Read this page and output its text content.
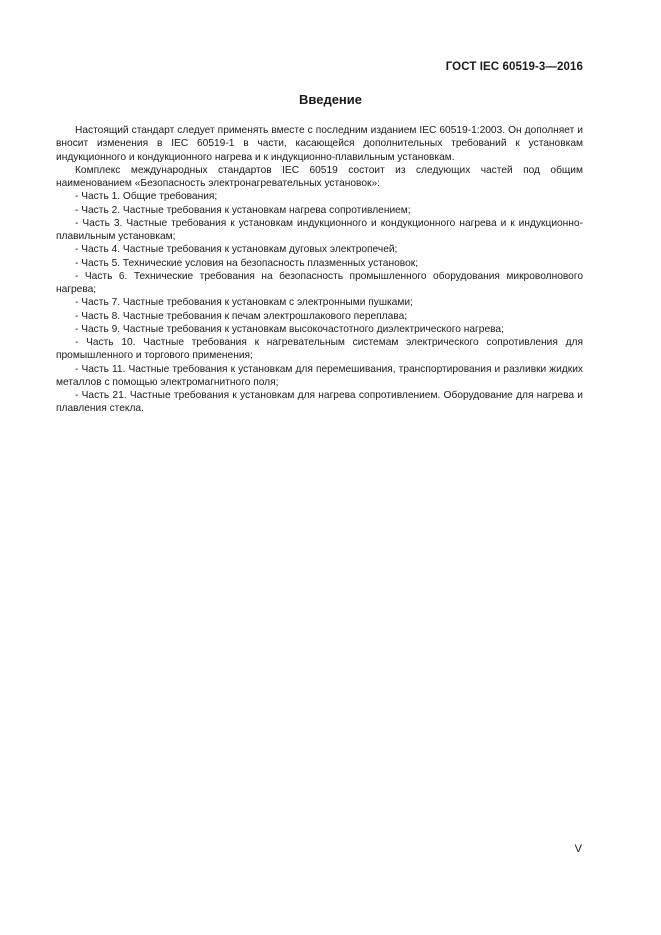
ГОСТ IEC 60519-3—2016
Введение

Настоящий стандарт следует применять вместе с последним изданием IEC 60519-1:2003. Он дополняет и вносит изменения в IEC 60519-1 в части, касающейся дополнительных требований к установкам индукционного и кондукционного нагрева и к индукционно-плавильным установкам.

Комплекс международных стандартов IEC 60519 состоит из следующих частей под общим наименованием «Безопасность электронагревательных установок»:

- Часть 1. Общие требования;

- Часть 2. Частные требования к установкам нагрева сопротивлением;

- Часть 3. Частные требования к установкам индукционного и кондукционного нагрева и к индукционно-плавильным установкам;

- Часть 4. Частные требования к установкам дуговых электропечей;

- Часть 5. Технические условия на безопасность плазменных установок;

- Часть 6. Технические требования на безопасность промышленного оборудования микроволнового нагрева;

- Часть 7. Частные требования к установкам с электронными пушками;

- Часть 8. Частные требования к печам электрошлакового переплава;

- Часть 9. Частные требования к установкам высокочастотного диэлектрического нагрева;

- Часть 10. Частные требования к нагревательным системам электрического сопротивления для промышленного и торгового применения;

- Часть 11. Частные требования к установкам для перемешивания, транспортирования и разливки жидких металлов с помощью электромагнитного поля;

- Часть 21. Частные требования к установкам для нагрева сопротивлением. Оборудование для нагрева и плавления стекла.

V
